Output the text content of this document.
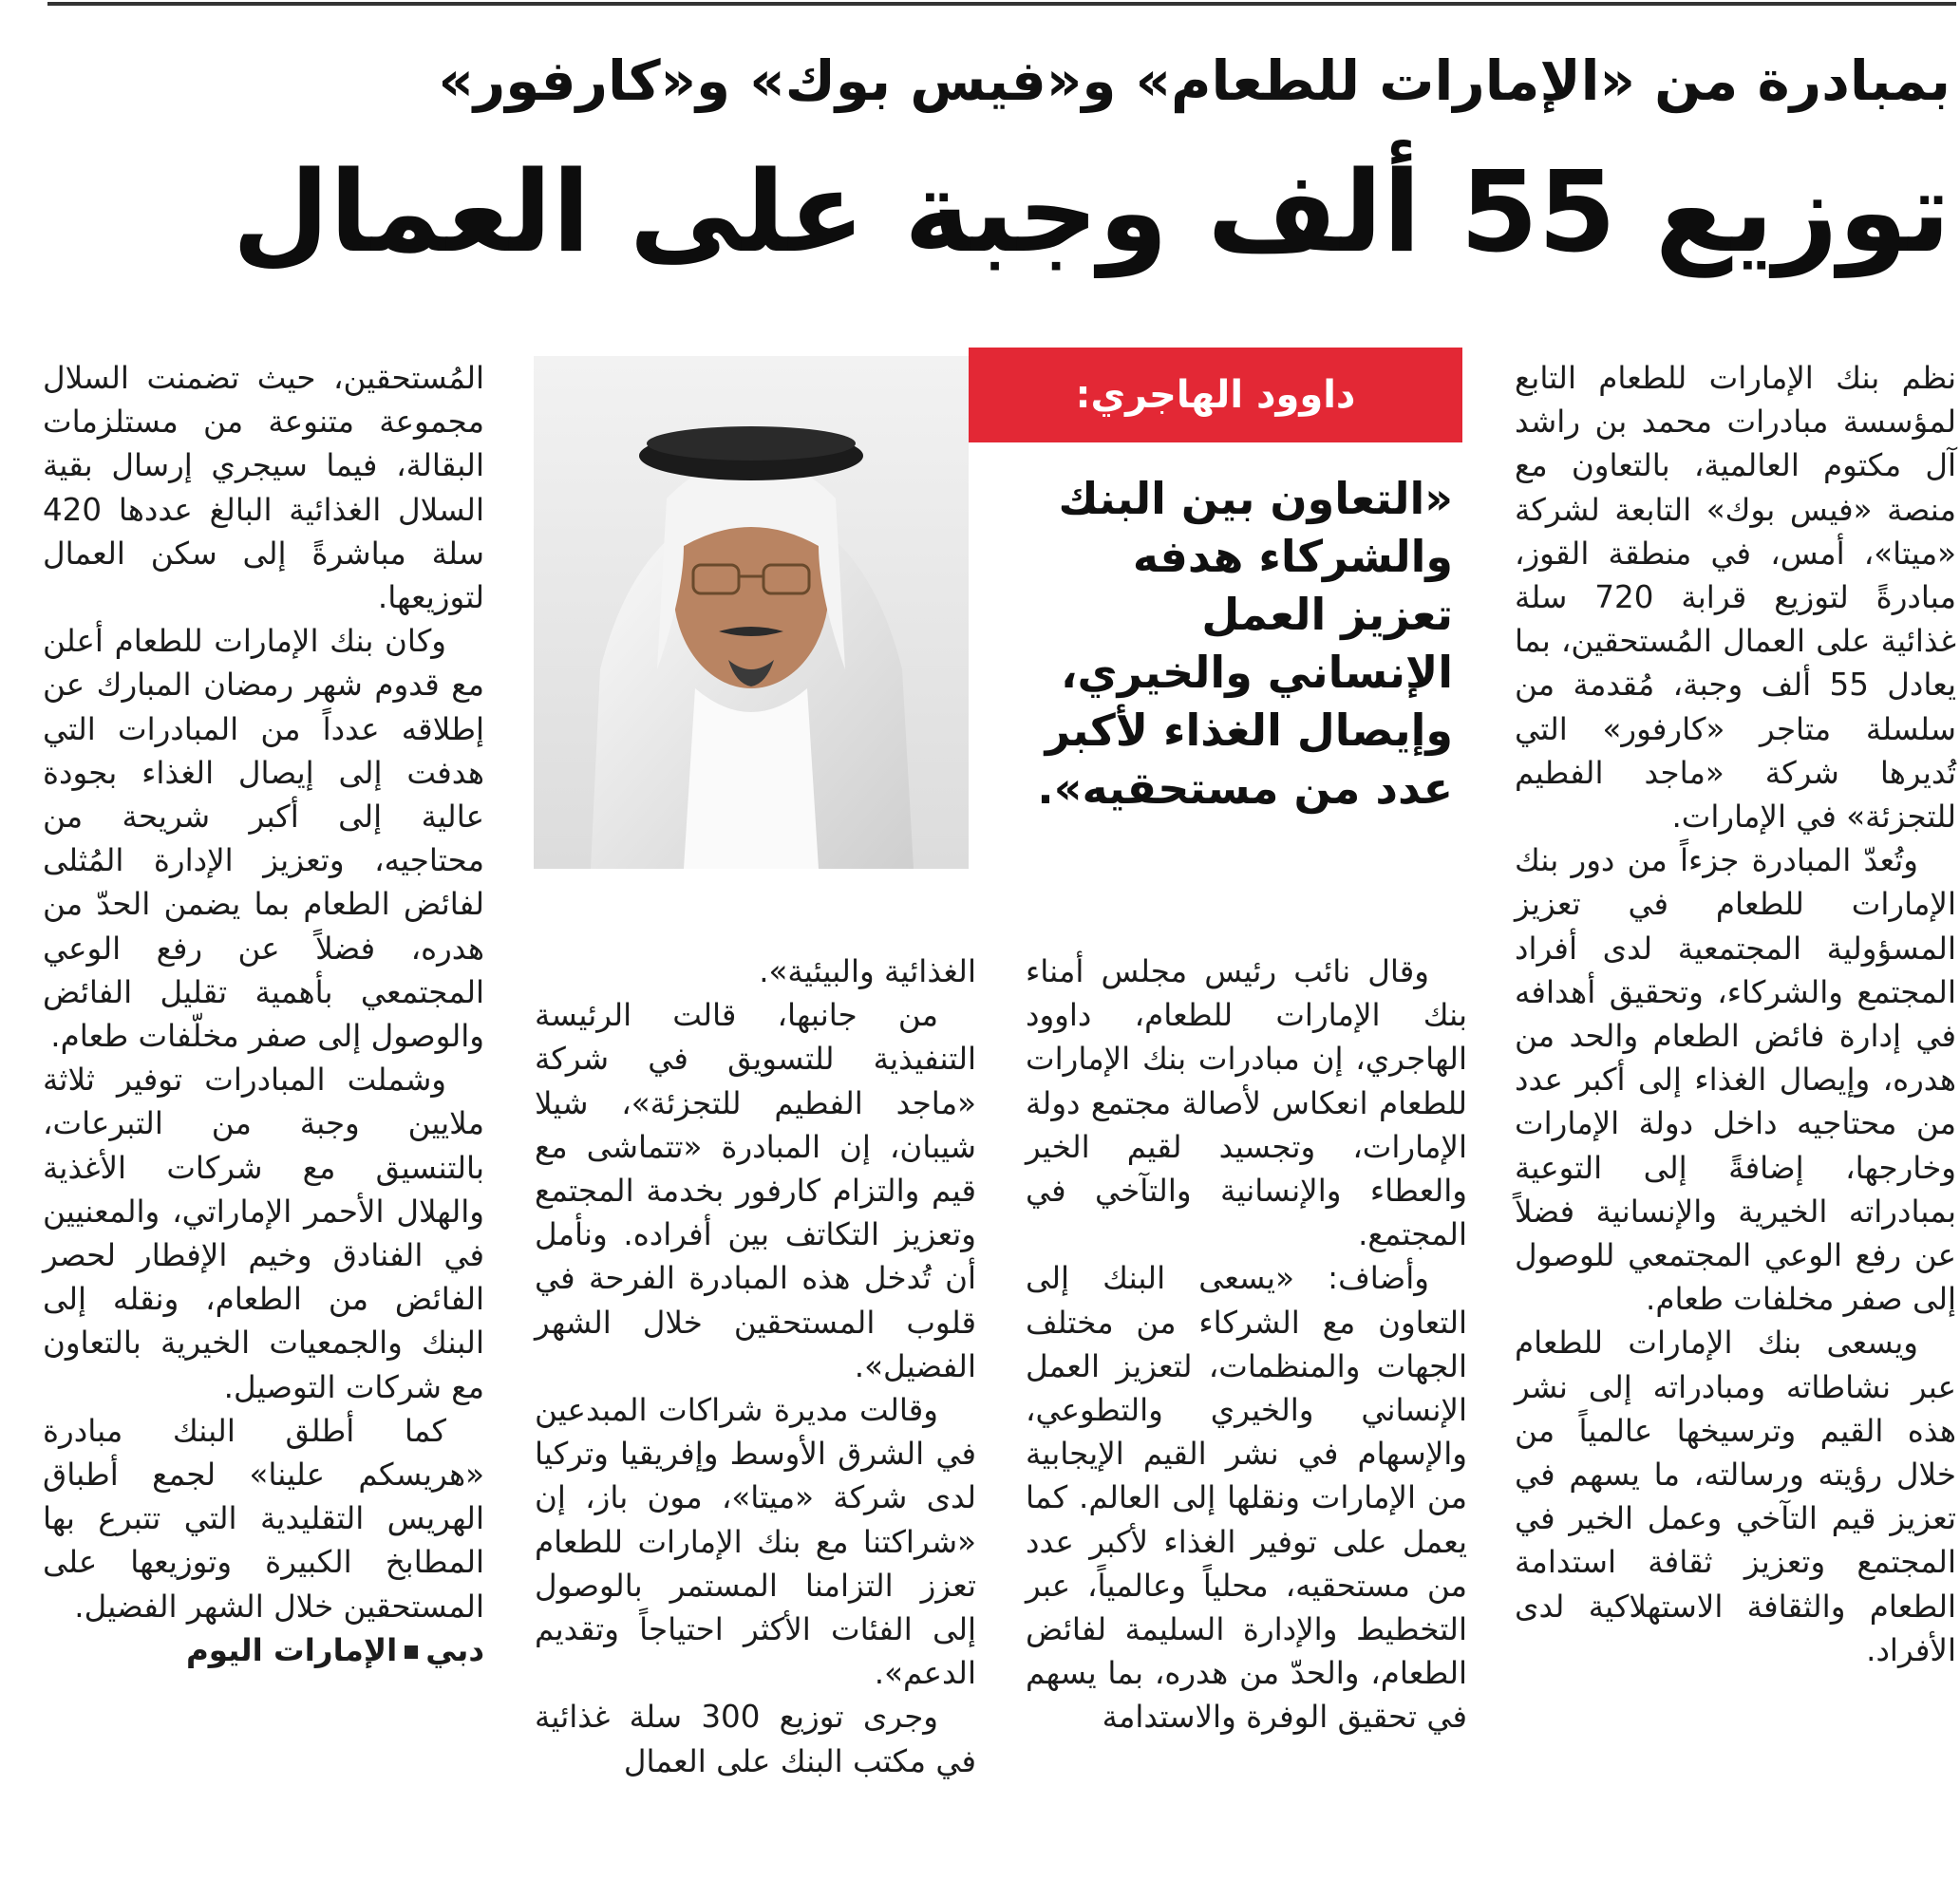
بمبادرة من «الإمارات للطعام» و«فيس بوك» و«كارفور»
توزيع 55 ألف وجبة على العمال

نظم بنك الإمارات للطعام التابع لمؤسسة مبادرات محمد بن راشد آل مكتوم العالمية، بالتعاون مع منصة «فيس بوك» التابعة لشركة «ميتا»، أمس، في منطقة القوز، مبادرةً لتوزيع قرابة 720 سلة غذائية على العمال المُستحقين، بما يعادل 55 ألف وجبة، مُقدمة من سلسلة متاجر «كارفور» التي تُديرها شركة «ماجد الفطيم للتجزئة» في الإمارات.

وتُعدّ المبادرة جزءاً من دور بنك الإمارات للطعام في تعزيز المسؤولية المجتمعية لدى أفراد المجتمع والشركاء، وتحقيق أهدافه في إدارة فائض الطعام والحد من هدره، وإيصال الغذاء إلى أكبر عدد من محتاجيه داخل دولة الإمارات وخارجها، إضافةً إلى التوعية بمبادراته الخيرية والإنسانية فضلاً عن رفع الوعي المجتمعي للوصول إلى صفر مخلفات طعام.

ويسعى بنك الإمارات للطعام عبر نشاطاته ومبادراته إلى نشر هذه القيم وترسيخها عالمياً من خلال رؤيته ورسالته، ما يسهم في تعزيز قيم التآخي وعمل الخير في المجتمع وتعزيز ثقافة استدامة الطعام والثقافة الاستهلاكية لدى الأفراد.

داوود الهاجري:
«التعاون بين البنك والشركاء هدفه تعزيز العمل الإنساني والخيري، وإيصال الغذاء لأكبر عدد من مستحقيه».

وقال نائب رئيس مجلس أمناء بنك الإمارات للطعام، داوود الهاجري، إن مبادرات بنك الإمارات للطعام انعكاس لأصالة مجتمع دولة الإمارات، وتجسيد لقيم الخير والعطاء والإنسانية والتآخي في المجتمع.

وأضاف: «يسعى البنك إلى التعاون مع الشركاء من مختلف الجهات والمنظمات، لتعزيز العمل الإنساني والخيري والتطوعي، والإسهام في نشر القيم الإيجابية من الإمارات ونقلها إلى العالم. كما يعمل على توفير الغذاء لأكبر عدد من مستحقيه، محلياً وعالمياً، عبر التخطيط والإدارة السليمة لفائض الطعام، والحدّ من هدره، بما يسهم في تحقيق الوفرة والاستدامة

الغذائية والبيئية».

من جانبها، قالت الرئيسة التنفيذية للتسويق في شركة «ماجد الفطيم للتجزئة»، شيلا شيبان، إن المبادرة «تتماشى مع قيم والتزام كارفور بخدمة المجتمع وتعزيز التكاتف بين أفراده. ونأمل أن تُدخل هذه المبادرة الفرحة في قلوب المستحقين خلال الشهر الفضيل».

وقالت مديرة شراكات المبدعين في الشرق الأوسط وإفريقيا وتركيا لدى شركة «ميتا»، مون باز، إن «شراكتنا مع بنك الإمارات للطعام تعزز التزامنا المستمر بالوصول إلى الفئات الأكثر احتياجاً وتقديم الدعم».

وجرى توزيع 300 سلة غذائية في مكتب البنك على العمال

المُستحقين، حيث تضمنت السلال مجموعة متنوعة من مستلزمات البقالة، فيما سيجري إرسال بقية السلال الغذائية البالغ عددها 420 سلة مباشرةً إلى سكن العمال لتوزيعها.

وكان بنك الإمارات للطعام أعلن مع قدوم شهر رمضان المبارك عن إطلاقه عدداً من المبادرات التي هدفت إلى إيصال الغذاء بجودة عالية إلى أكبر شريحة من محتاجيه، وتعزيز الإدارة المُثلى لفائض الطعام بما يضمن الحدّ من هدره، فضلاً عن رفع الوعي المجتمعي بأهمية تقليل الفائض والوصول إلى صفر مخلّفات طعام.

وشملت المبادرات توفير ثلاثة ملايين وجبة من التبرعات، بالتنسيق مع شركات الأغذية والهلال الأحمر الإماراتي، والمعنيين في الفنادق وخيم الإفطار لحصر الفائض من الطعام، ونقله إلى البنك والجمعيات الخيرية بالتعاون مع شركات التوصيل.

كما أطلق البنك مبادرة «هريسكم علينا» لجمع أطباق الهريس التقليدية التي تتبرع بها المطابخ الكبيرة وتوزيعها على المستحقين خلال الشهر الفضيل.

دبيالإمارات اليوم
